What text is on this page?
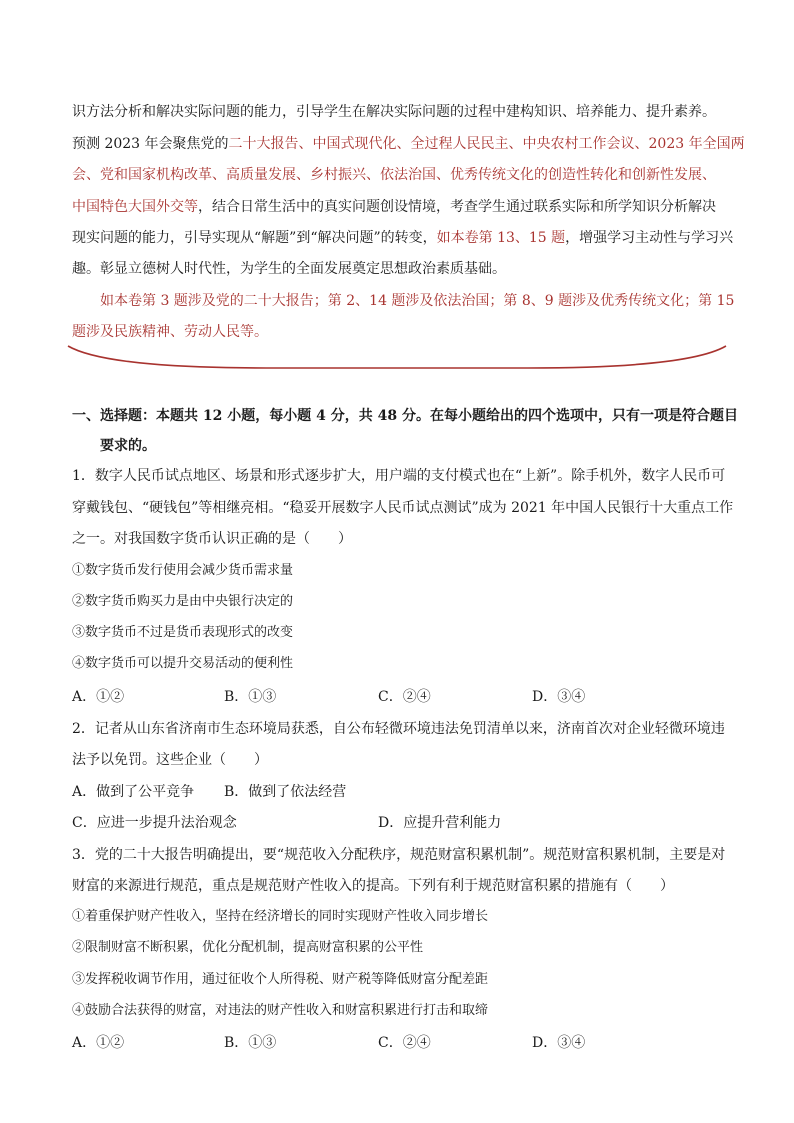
识方法分析和解决实际问题的能力，引导学生在解决实际问题的过程中建构知识、培养能力、提升素养。
预测 2023 年会聚焦党的二十大报告、中国式现代化、全过程人民民主、中央农村工作会议、2023 年全国两
会、党和国家机构改革、高质量发展、乡村振兴、依法治国、优秀传统文化的创造性转化和创新性发展、
中国特色大国外交等，结合日常生活中的真实问题创设情境，考查学生通过联系实际和所学知识分析解决
现实问题的能力，引导实现从“解题”到“解决问题”的转变，如本卷第 13、15 题，增强学习主动性与学习兴
趣。彰显立德树人时代性，为学生的全面发展奠定思想政治素质基础。
如本卷第 3 题涉及党的二十大报告；第 2、14 题涉及依法治国；第 8、9 题涉及优秀传统文化；第 15
题涉及民族精神、劳动人民等。
一、选择题：本题共 12 小题，每小题 4 分，共 48 分。在每小题给出的四个选项中，只有一项是符合题目
要求的。
1．数字人民币试点地区、场景和形式逐步扩大，用户端的支付模式也在“上新”。除手机外，数字人民币可
穿戴钱包、“硬钱包”等相继亮相。“稳妥开展数字人民币试点测试”成为 2021 年中国人民银行十大重点工作
之一。对我国数字货币认识正确的是（　　）
①数字货币发行使用会减少货币需求量
②数字货币购买力是由中央银行决定的
③数字货币不过是货币表现形式的改变
④数字货币可以提升交易活动的便利性
A．①②	B．①③	C．②④	D．③④
2．记者从山东省济南市生态环境局获悉，自公布轻微环境违法免罚清单以来，济南首次对企业轻微环境违
法予以免罚。这些企业（　　）
A．做到了公平竞争 B．做到了依法经营
C．应进一步提升法治观念	D．应提升营利能力
3．党的二十大报告明确提出，要“规范收入分配秩序，规范财富积累机制”。规范财富积累机制，主要是对
财富的来源进行规范，重点是规范财产性收入的提高。下列有利于规范财富积累的措施有（　　）
①着重保护财产性收入，坚持在经济增长的同时实现财产性收入同步增长
②限制财富不断积累，优化分配机制，提高财富积累的公平性
③发挥税收调节作用，通过征收个人所得税、财产税等降低财富分配差距
④鼓励合法获得的财富，对违法的财产性收入和财富积累进行打击和取缔
A．①②	B．①③	C．②④	D．③④
